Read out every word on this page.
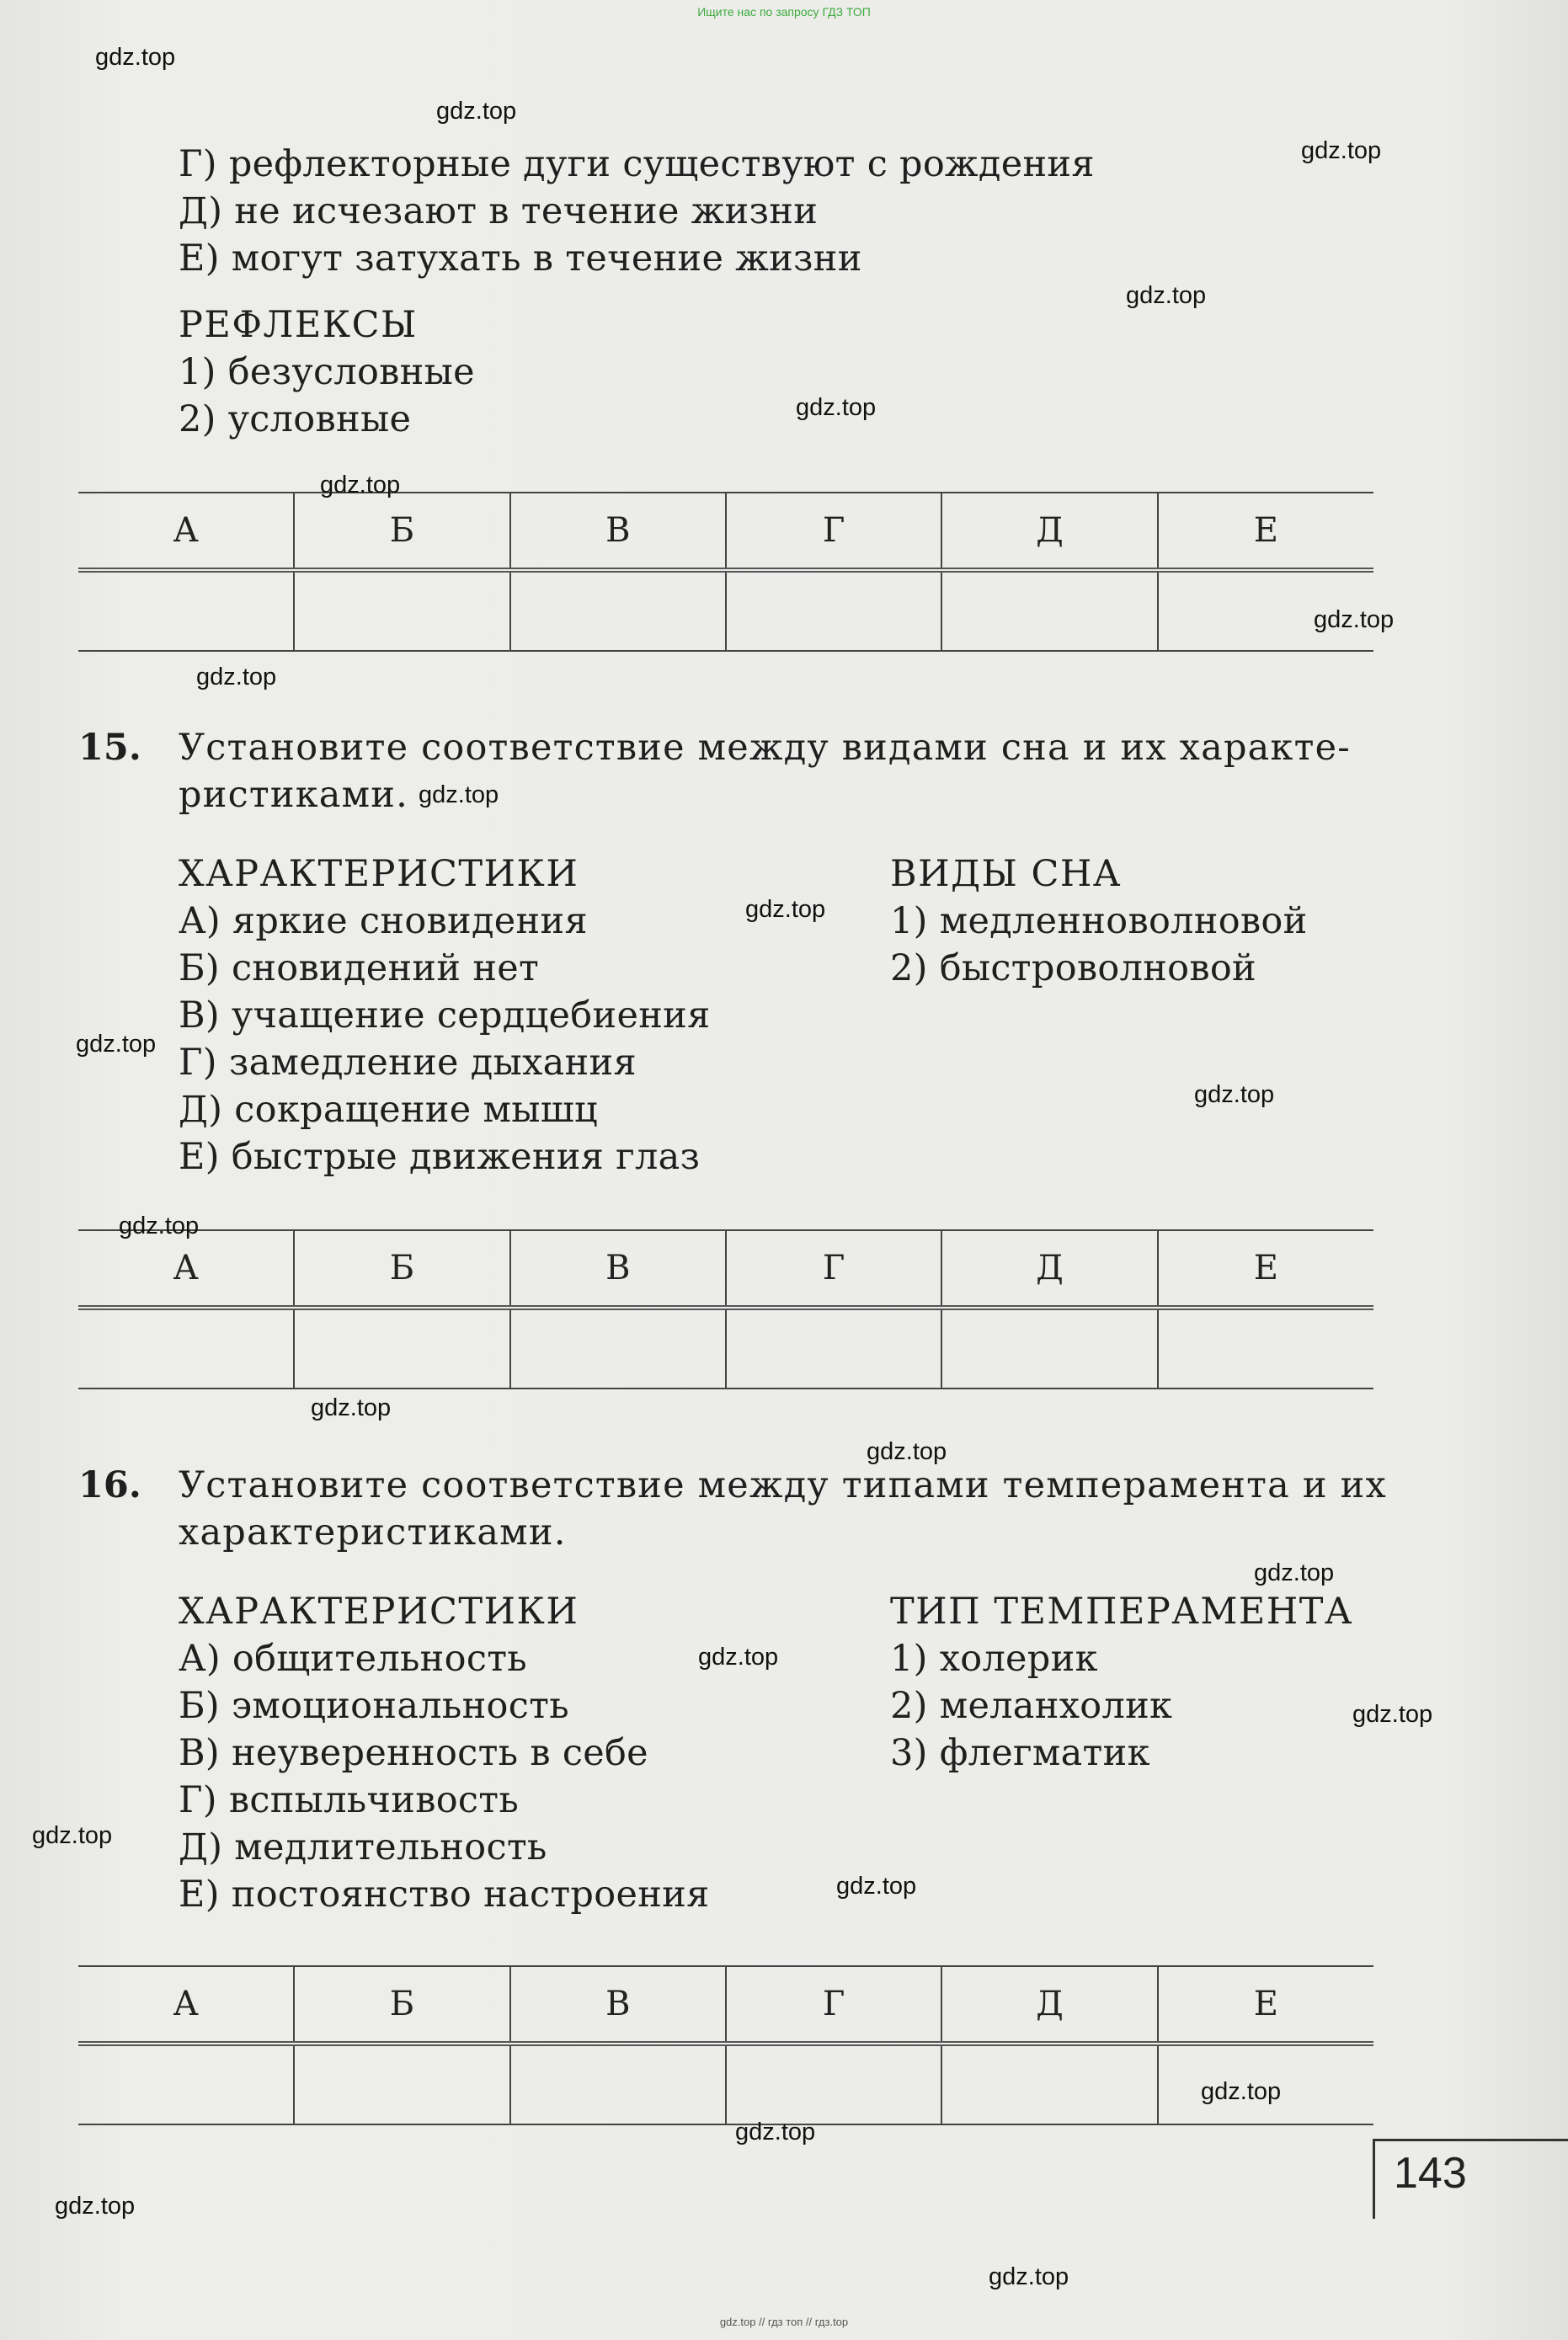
Ищите нас по запросу ГДЗ ТОП
Г) рефлекторные дуги существуют с рождения
Д) не исчезают в течение жизни
Е) могут затухать в течение жизни
РЕФЛЕКСЫ
1) безусловные
2) условные
А	Б	В	Г	Д	Е

15. Установите соответствие между видами сна и их характе-
ристиками.
ХАРАКТЕРИСТИКИ	ВИДЫ СНА
А) яркие сновидения
Б) сновидений нет
В) учащение сердцебиения
Г) замедление дыхания
Д) сокращение мышц
Е) быстрые движения глаз
1) медленноволновой
2) быстроволновой
А	Б	В	Г	Д	Е

16. Установите соответствие между типами темперамента и их
характеристиками.
ХАРАКТЕРИСТИКИ	ТИП ТЕМПЕРАМЕНТА
А) общительность
Б) эмоциональность
В) неуверенность в себе
Г) вспыльчивость
Д) медлительность
Е) постоянство настроения
1) холерик
2) меланхолик
3) флегматик
А	Б	В	Г	Д	Е

143
gdz.top
gdz.top
gdz.top
gdz.top
gdz.top
gdz.top
gdz.top
gdz.top
gdz.top
gdz.top
gdz.top
gdz.top
gdz.top
gdz.top
gdz.top
gdz.top
gdz.top
gdz.top
gdz.top
gdz.top
gdz.top
gdz.top
gdz.top
gdz.top
gdz.top // гдз топ // гдз.top
